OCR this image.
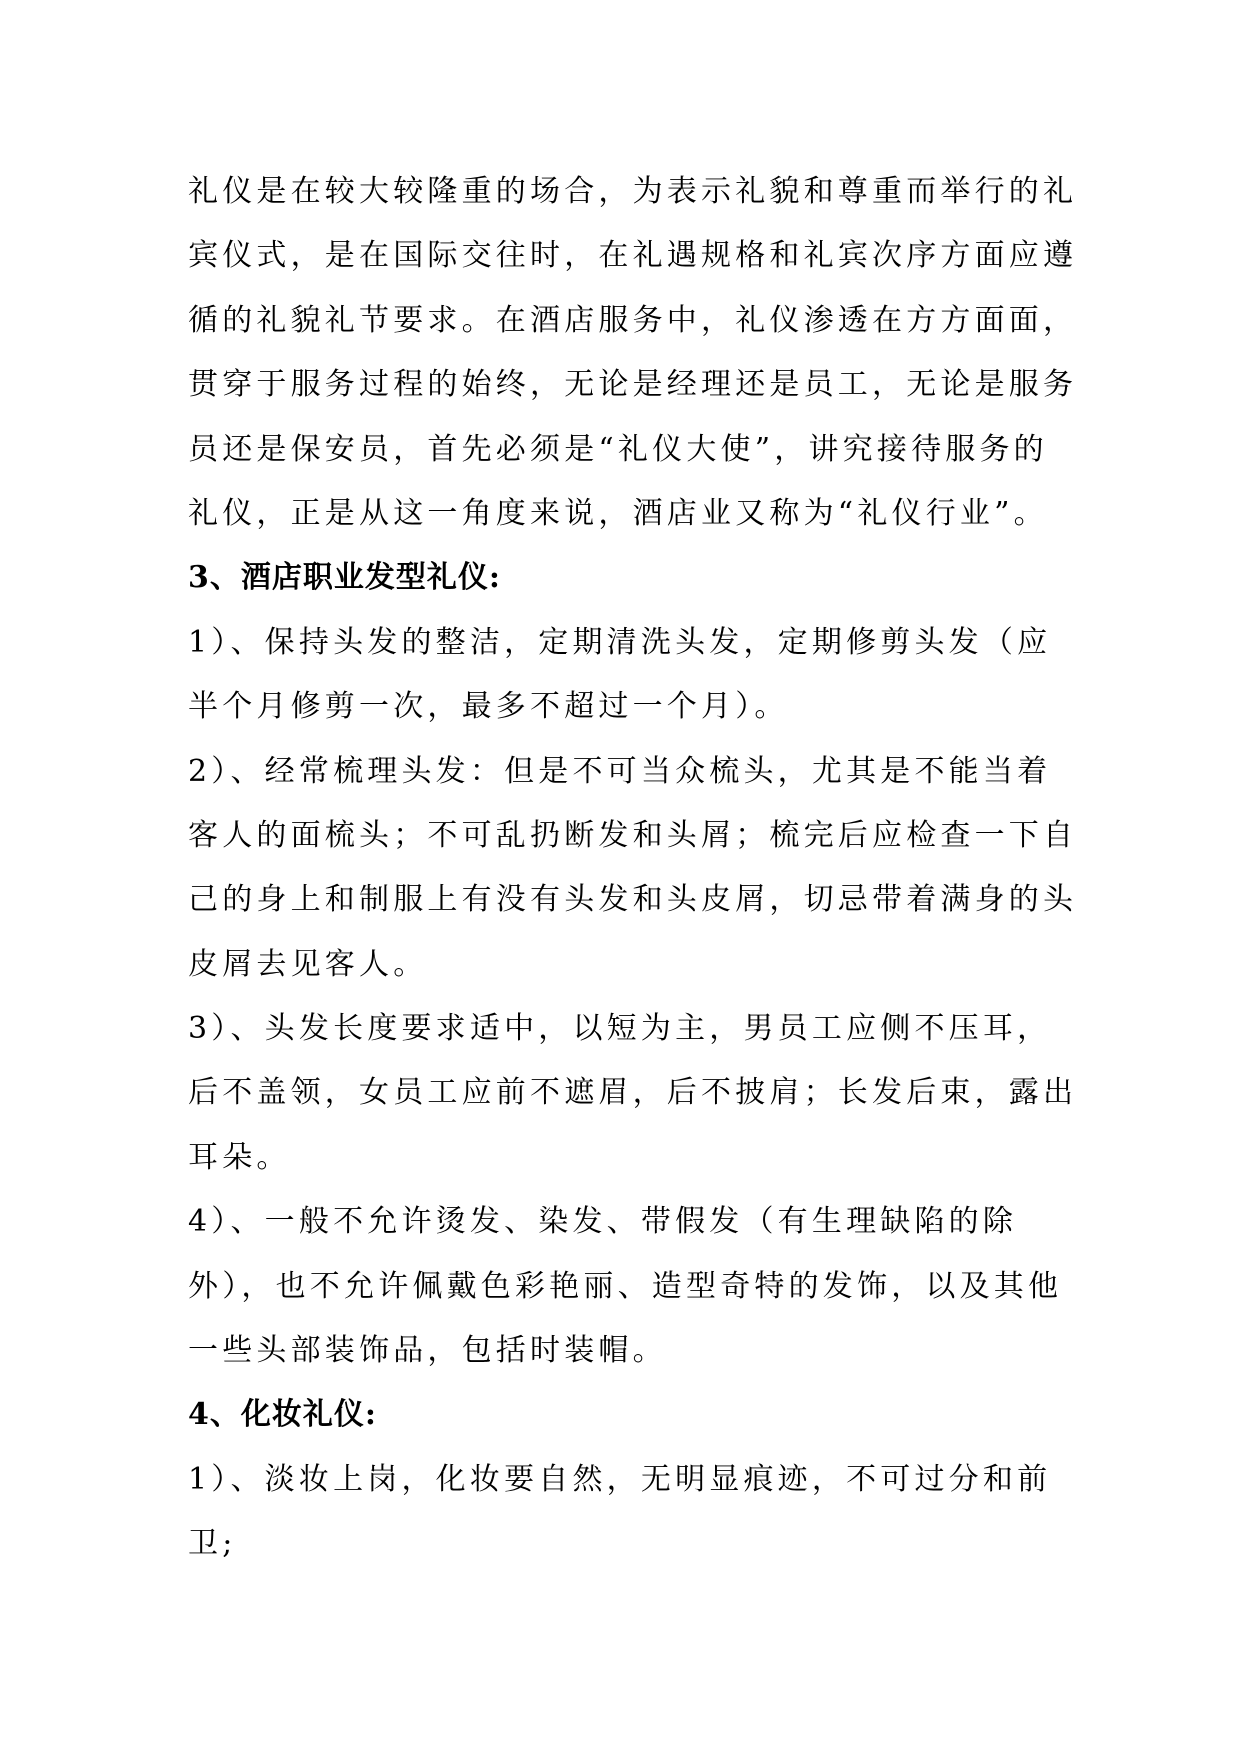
礼仪是在较大较隆重的场合，为表示礼貌和尊重而举行的礼
宾仪式，是在国际交往时，在礼遇规格和礼宾次序方面应遵
循的礼貌礼节要求。在酒店服务中，礼仪渗透在方方面面，
贯穿于服务过程的始终，无论是经理还是员工，无论是服务
员还是保安员，首先必须是“礼仪大使”，讲究接待服务的
礼仪，正是从这一角度来说，酒店业又称为“礼仪行业”。
3、酒店职业发型礼仪:
1）、保持头发的整洁，定期清洗头发，定期修剪头发（应
半个月修剪一次，最多不超过一个月）。
2）、经常梳理头发：但是不可当众梳头，尤其是不能当着
客人的面梳头；不可乱扔断发和头屑；梳完后应检查一下自
己的身上和制服上有没有头发和头皮屑，切忌带着满身的头
皮屑去见客人。
3）、头发长度要求适中，以短为主，男员工应侧不压耳，
后不盖领，女员工应前不遮眉，后不披肩；长发后束，露出
耳朵。
4）、一般不允许烫发、染发、带假发（有生理缺陷的除
外），也不允许佩戴色彩艳丽、造型奇特的发饰，以及其他
一些头部装饰品，包括时装帽。
4、化妆礼仪:
1）、淡妆上岗，化妆要自然，无明显痕迹，不可过分和前
卫;
